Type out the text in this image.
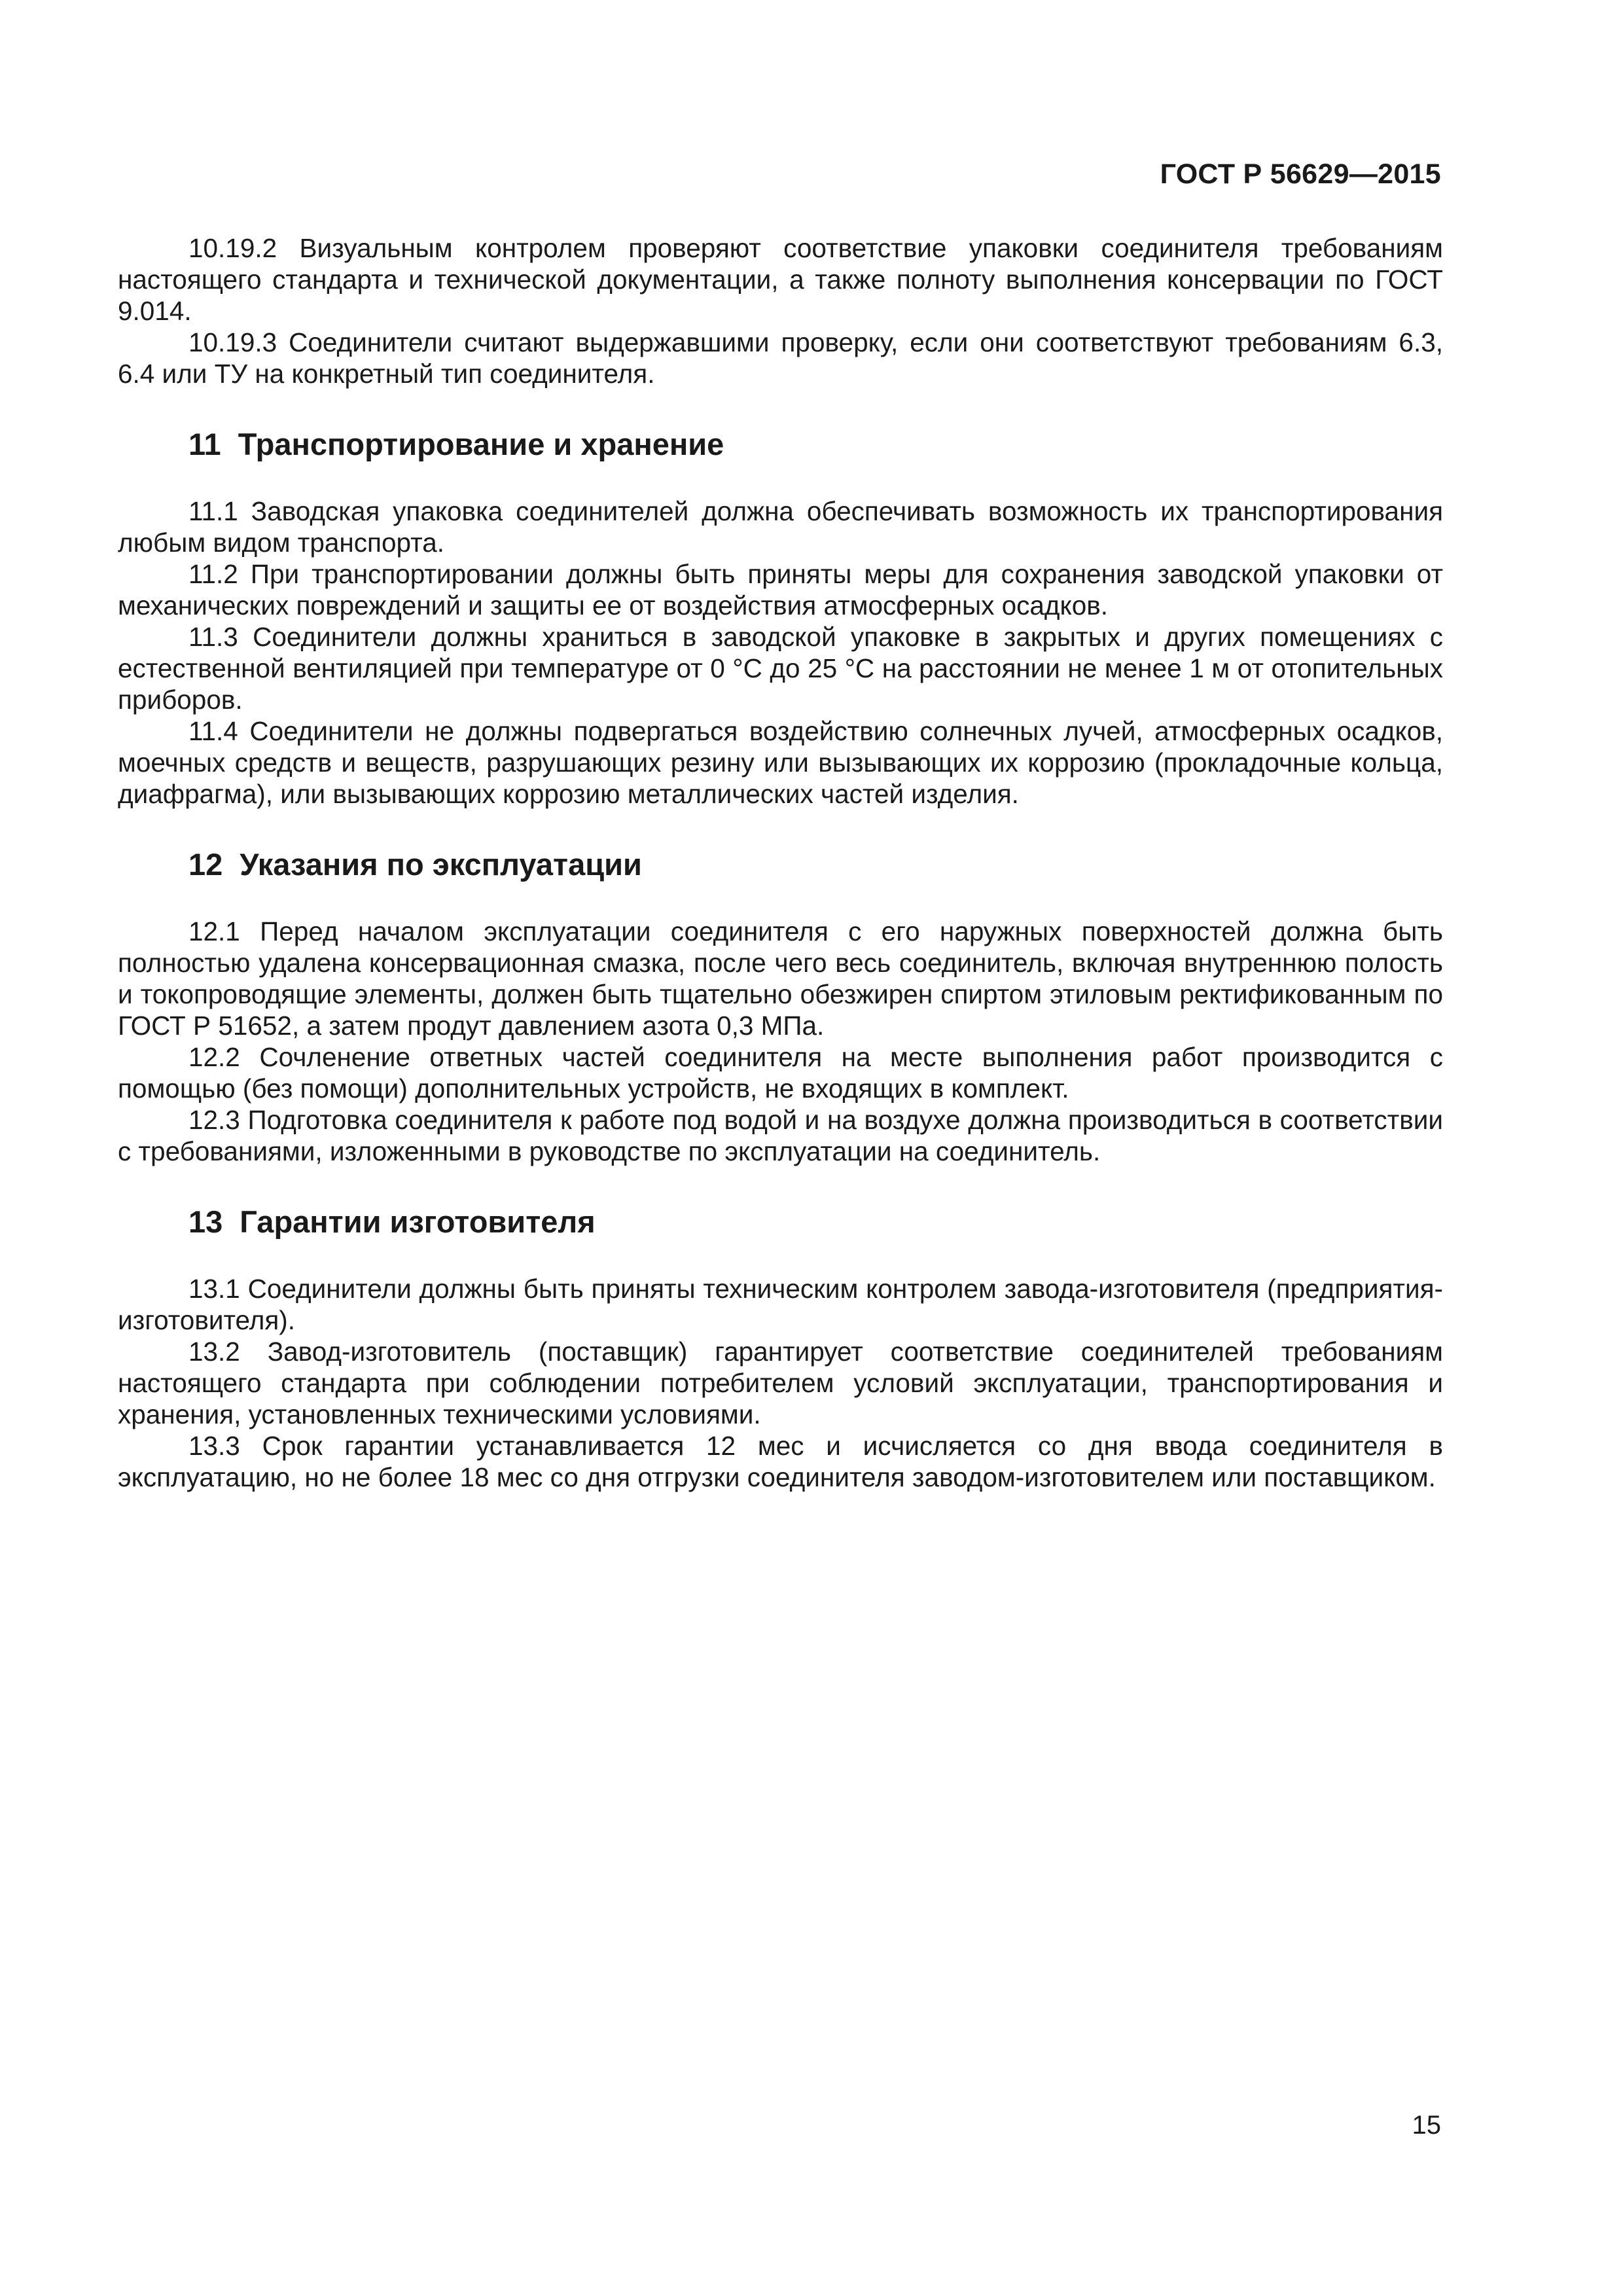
ГОСТ Р 56629—2015

10.19.2 Визуальным контролем проверяют соответствие упаковки соединителя требованиям настоящего стандарта и технической документации, а также полноту выполнения консервации по ГОСТ 9.014.

10.19.3 Соединители считают выдержавшими проверку, если они соответствуют требованиям 6.3, 6.4 или ТУ на конкретный тип соединителя.

11 Транспортирование и хранение

11.1 Заводская упаковка соединителей должна обеспечивать возможность их транспортирования любым видом транспорта.

11.2 При транспортировании должны быть приняты меры для сохранения заводской упаковки от механических повреждений и защиты ее от воздействия атмосферных осадков.

11.3 Соединители должны храниться в заводской упаковке в закрытых и других помещениях с естественной вентиляцией при температуре от 0 °С до 25 °С на расстоянии не менее 1 м от отопительных приборов.

11.4 Соединители не должны подвергаться воздействию солнечных лучей, атмосферных осадков, моечных средств и веществ, разрушающих резину или вызывающих их коррозию (прокладочные кольца, диафрагма), или вызывающих коррозию металлических частей изделия.

12 Указания по эксплуатации

12.1 Перед началом эксплуатации соединителя с его наружных поверхностей должна быть полностью удалена консервационная смазка, после чего весь соединитель, включая внутреннюю полость и токопроводящие элементы, должен быть тщательно обезжирен спиртом этиловым ректификованным по ГОСТ Р 51652, а затем продут давлением азота 0,3 МПа.

12.2 Сочленение ответных частей соединителя на месте выполнения работ производится с помощью (без помощи) дополнительных устройств, не входящих в комплект.

12.3 Подготовка соединителя к работе под водой и на воздухе должна производиться в соответствии с требованиями, изложенными в руководстве по эксплуатации на соединитель.

13 Гарантии изготовителя

13.1 Соединители должны быть приняты техническим контролем завода-изготовителя (предприятия-изготовителя).

13.2 Завод-изготовитель (поставщик) гарантирует соответствие соединителей требованиям настоящего стандарта при соблюдении потребителем условий эксплуатации, транспортирования и хранения, установленных техническими условиями.

13.3 Срок гарантии устанавливается 12 мес и исчисляется со дня ввода соединителя в эксплуатацию, но не более 18 мес со дня отгрузки соединителя заводом-изготовителем или поставщиком.

15
